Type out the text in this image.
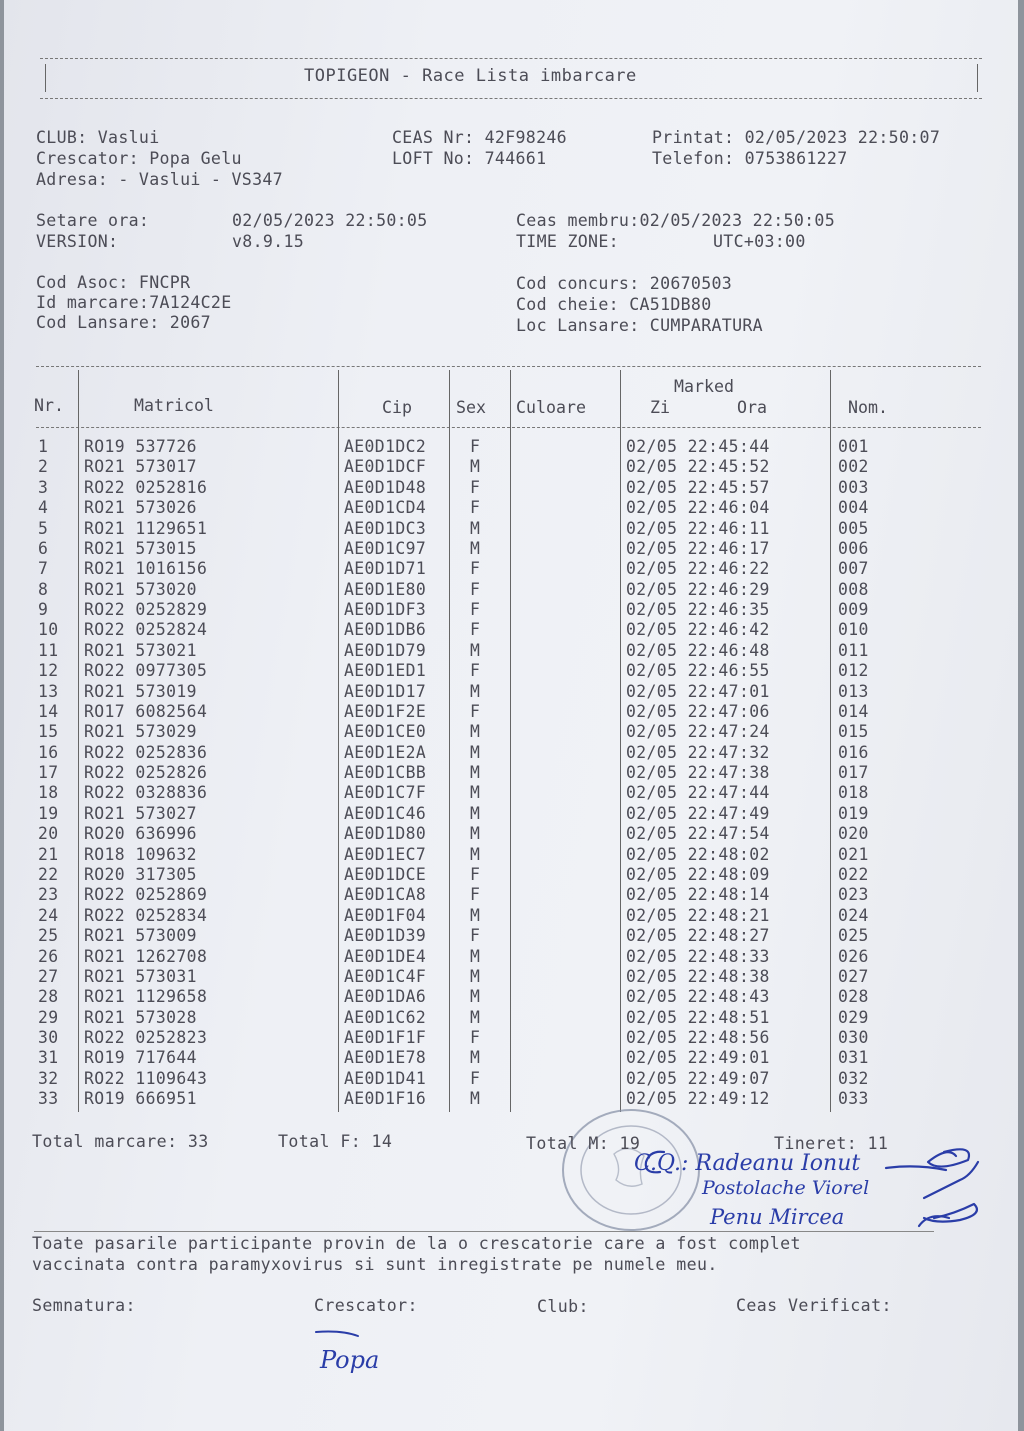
TOPIGEON - Race Lista imbarcare
CLUB: Vaslui
Crescator: Popa Gelu
Adresa: - Vaslui - VS347
CEAS Nr: 42F98246
LOFT No: 744661
Printat: 02/05/2023 22:50:07
Telefon: 0753861227
Setare ora:	02/05/2023 22:50:05
VERSION:	v8.9.15
Ceas membru:02/05/2023 22:50:05
TIME ZONE:	UTC+03:00
Cod Asoc: FNCPR
Id marcare:7A124C2E
Cod Lansare: 2067
Cod concurs: 20670503
Cod cheie: CA51DB80
Loc Lansare: CUMPARATURA
Nr.	Matricol	Cip	Sex Culoare
Marked
Zi	Ora	Nom.
1 RO19 537726	AE0D1DC2	F	02/05 22:45:44	001
2 RO21 573017	AE0D1DCF	M	02/05 22:45:52	002
3 RO22 0252816	AE0D1D48	F	02/05 22:45:57	003
4 RO21 573026	AE0D1CD4	F	02/05 22:46:04	004
5 RO21 1129651	AE0D1DC3	M	02/05 22:46:11	005
6 RO21 573015	AE0D1C97	M	02/05 22:46:17	006
7 RO21 1016156	AE0D1D71	F	02/05 22:46:22	007
8 RO21 573020	AE0D1E80	F	02/05 22:46:29	008
9 RO22 0252829	AE0D1DF3	F	02/05 22:46:35	009
10 RO22 0252824	AE0D1DB6	F	02/05 22:46:42	010
11 RO21 573021	AE0D1D79	M	02/05 22:46:48	011
12 RO22 0977305	AE0D1ED1	F	02/05 22:46:55	012
13 RO21 573019	AE0D1D17	M	02/05 22:47:01	013
14 RO17 6082564	AE0D1F2E	F	02/05 22:47:06	014
15 RO21 573029	AE0D1CE0	M	02/05 22:47:24	015
16 RO22 0252836	AE0D1E2A	M	02/05 22:47:32	016
17 RO22 0252826	AE0D1CBB	M	02/05 22:47:38	017
18 RO22 0328836	AE0D1C7F	M	02/05 22:47:44	018
19 RO21 573027	AE0D1C46	M	02/05 22:47:49	019
20 RO20 636996	AE0D1D80	M	02/05 22:47:54	020
21 RO18 109632	AE0D1EC7	M	02/05 22:48:02	021
22 RO20 317305	AE0D1DCE	F	02/05 22:48:09	022
23 RO22 0252869	AE0D1CA8	F	02/05 22:48:14	023
24 RO22 0252834	AE0D1F04	M	02/05 22:48:21	024
25 RO21 573009	AE0D1D39	F	02/05 22:48:27	025
26 RO21 1262708	AE0D1DE4	M	02/05 22:48:33	026
27 RO21 573031	AE0D1C4F	M	02/05 22:48:38	027
28 RO21 1129658	AE0D1DA6	M	02/05 22:48:43	028
29 RO21 573028	AE0D1C62	M	02/05 22:48:51	029
30 RO22 0252823	AE0D1F1F	F	02/05 22:48:56	030
31 RO19 717644	AE0D1E78	M	02/05 22:49:01	031
32 RO22 1109643	AE0D1D41	F	02/05 22:49:07	032
33 RO19 666951	AE0D1F16	M	02/05 22:49:12	033
Total marcare: 33	Total F: 14	Total M: 19	Tineret: 11
C.Q.: Radeanu Ionut
Postolache Viorel
Penu Mircea
Toate pasarile participante provin de la o crescatorie care a fost complet
vaccinata contra paramyxovirus si sunt inregistrate pe numele meu.
Semnatura:	Crescator:	Club:	Ceas Verificat:
Popa
